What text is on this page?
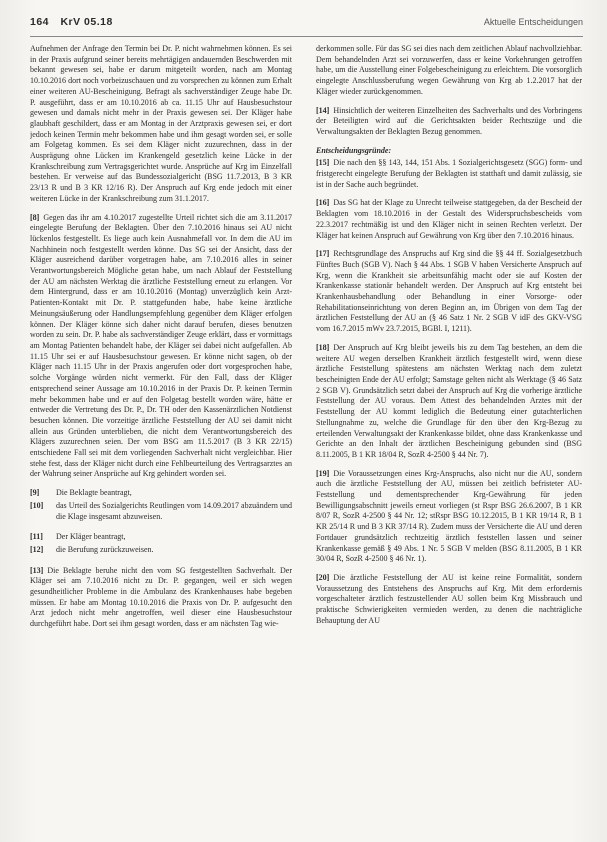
164 KrV 05.18	Aktuelle Entscheidungen

Aufnehmen der Anfrage den Termin bei Dr. P. nicht wahrnehmen können. Es sei in der Praxis aufgrund seiner bereits mehrtägigen andauernden Beschwerden mit bekannt gewesen sei, habe er darum mitgeteilt worden, nach am Montag 10.10.2016 dort noch vorbeizuschauen und zu vorsprechen zu können zum Erhalt einer weiteren AU-Bescheinigung. Befragt als sachverständiger Zeuge habe Dr. P. ausgeführt, dass er am 10.10.2016 ab ca. 11.15 Uhr auf Hausbesuchstour gewesen und damals nicht mehr in der Praxis gewesen sei. Der Kläger habe glaubhaft geschildert, dass er am Montag in der Arztpraxis gewesen sei, er dort jedoch keinen Termin mehr bekommen habe und ihm gesagt worden sei, er solle am Folgetag kommen. Es sei dem Kläger nicht zuzurechnen, dass in der Ausprägung ohne Lücken im Krankengeld gesetzlich keine Lücke in der Krankschreibung zum Vertragsgerichtet wurde. Ansprüche auf Krg im Einzelfall bestehen. Er verweise auf das Bundessozialgericht (BSG 11.7.2013, B 3 KR 23/13 R und B 3 KR 12/16 R). Der Anspruch auf Krg ende jedoch mit einer weiteren Lücke in der Krankschreibung zum 31.1.2017.

[8] Gegen das ihr am 4.10.2017 zugestellte Urteil richtet sich die am 3.11.2017 eingelegte Berufung der Beklagten. Über den 7.10.2016 hinaus sei AU nicht lückenlos festgestellt. Es liege auch kein Ausnahmefall vor. In dem die AU im Nachhinein noch festgestellt werden könne. Das SG sei der Ansicht, dass der Kläger ausreichend darüber vorgetragen habe, am 7.10.2016 alles in seiner Verantwortungsbereich Mögliche getan habe, um nach Ablauf der Feststellung der AU am nächsten Werktag die ärztliche Feststellung erneut zu erlangen. Vor dem Hintergrund, dass er am 10.10.2016 (Montag) unverzüglich kein Arzt-Patienten-Kontakt mit Dr. P. stattgefunden habe, habe keine ärztliche Meinungsäußerung oder Handlungsempfehlung gegenüber dem Kläger erfolgen können. Der Kläger könne sich daher nicht darauf berufen, dieses benutzen worden zu sein. Dr. P. habe als sachverständiger Zeuge erklärt, dass er vormittags am Montag Patienten behandelt habe, der Kläger sei dabei nicht aufgefallen. Ab 11.15 Uhr sei er auf Hausbesuchstour gewesen. Er könne nicht sagen, ob der Kläger nach 11.15 Uhr in der Praxis angerufen oder dort vorgesprochen habe, solche Vorgänge würden nicht vermerkt. Für den Fall, dass der Kläger entsprechend seiner Aussage am 10.10.2016 in der Praxis Dr. P. keinen Termin mehr bekommen habe und er auf den Folgetag bestellt worden wäre, hätte er entweder die Vertretung des Dr. P., Dr. TH oder den Kassenärztlichen Notdienst besuchen können. Die vorzeitige ärztliche Feststellung der AU sei damit nicht allein aus Gründen unterblieben, die nicht dem Verantwortungsbereich des Klägers zuzurechnen seien. Der vom BSG am 11.5.2017 (B 3 KR 22/15) entschiedene Fall sei mit dem vorliegenden Sachverhalt nicht vergleichbar. Hier stehe fest, dass der Kläger nicht durch eine Fehlbeurteilung des Vertragsarztes an der Wahrung seiner Ansprüche auf Krg gehindert worden sei.

[9]	Die Beklagte beantragt,
[10]	das Urteil des Sozialgerichts Reutlingen vom 14.09.2017 abzuändern und die Klage insgesamt abzuweisen.
[11]	Der Kläger beantragt,
[12]	die Berufung zurückzuweisen.

[13] Die Beklagte beruhe nicht den vom SG festgestellten Sachverhalt. Der Kläger sei am 7.10.2016 nicht zu Dr. P. gegangen, weil er sich wegen gesundheitlicher Probleme in die Ambulanz des Krankenhauses habe begeben müssen. Er habe am Montag 10.10.2016 die Praxis von Dr. P. aufgesucht den Arzt jedoch nicht mehr angetroffen, weil dieser eine Hausbesuchstour durchgeführt habe. Dort sei ihm gesagt worden, dass er am nächsten Tag wie-

derkommen solle. Für das SG sei dies nach dem zeitlichen Ablauf nachvollziehbar. Dem behandelnden Arzt sei vorzuwerfen, dass er keine Vorkehrungen getroffen habe, um die Ausstellung einer Folgebescheinigung zu erleichtern. Die vorsorglich eingelegte Anschlussberufung wegen Gewährung von Krg ab 1.2.2017 hat der Kläger wieder zurückgenommen.

[14] Hinsichtlich der weiteren Einzelheiten des Sachverhalts und des Vorbringens der Beteiligten wird auf die Gerichtsakten beider Rechtszüge und die Verwaltungsakten der Beklagten Bezug genommen.

Entscheidungsgründe:

[15] Die nach den §§ 143, 144, 151 Abs. 1 Sozialgerichtsgesetz (SGG) form- und fristgerecht eingelegte Berufung der Beklagten ist statthaft und damit zulässig, sie ist in der Sache auch begründet.

[16] Das SG hat der Klage zu Unrecht teilweise stattgegeben, da der Bescheid der Beklagten vom 18.10.2016 in der Gestalt des Widerspruchsbescheids vom 22.3.2017 rechtmäßig ist und den Kläger nicht in seinen Rechten verletzt. Der Kläger hat keinen Anspruch auf Gewährung von Krg über den 7.10.2016 hinaus.

[17] Rechtsgrundlage des Anspruchs auf Krg sind die §§ 44 ff. Sozialgesetzbuch Fünftes Buch (SGB V). Nach § 44 Abs. 1 SGB V haben Versicherte Anspruch auf Krg, wenn die Krankheit sie arbeitsunfähig macht oder sie auf Kosten der Krankenkasse stationär behandelt werden. Der Anspruch auf Krg entsteht bei Krankenhausbehandlung oder Behandlung in einer Vorsorge- oder Rehabilitationseinrichtung von deren Beginn an, im Übrigen von dem Tag der ärztlichen Feststellung der AU an (§ 46 Satz 1 Nr. 2 SGB V idF des GKV-VSG vom 16.7.2015 mWv 23.7.2015, BGBl. I, 1211).

[18] Der Anspruch auf Krg bleibt jeweils bis zu dem Tag bestehen, an dem die weitere AU wegen derselben Krankheit ärztlich festgestellt wird, wenn diese ärztliche Feststellung spätestens am nächsten Werktag nach dem zuletzt bescheinigten Ende der AU erfolgt; Samstage gelten nicht als Werktage (§ 46 Satz 2 SGB V). Grundsätzlich setzt dabei der Anspruch auf Krg die vorherige ärztliche Feststellung der AU voraus. Dem Attest des behandelnden Arztes mit der Feststellung der AU kommt lediglich die Bedeutung einer gutachterlichen Stellungnahme zu, welche die Grundlage für den über den Krg-Bezug zu erteilenden Verwaltungsakt der Krankenkasse bildet, ohne dass Krankenkasse und Gerichte an den Inhalt der ärztlichen Bescheinigung gebunden sind (BSG 8.11.2005, B 1 KR 18/04 R, SozR 4-2500 § 44 Nr. 7).

[19] Die Voraussetzungen eines Krg-Anspruchs, also nicht nur die AU, sondern auch die ärztliche Feststellung der AU, müssen bei zeitlich befristeter AU-Feststellung und dementsprechender Krg-Gewährung für jeden Bewilligungsabschnitt jeweils erneut vorliegen (st Rspr BSG 26.6.2007, B 1 KR 8/07 R, SozR 4-2500 § 44 Nr. 12; stRspr BSG 10.12.2015, B 1 KR 19/14 R, B 1 KR 25/14 R und B 3 KR 37/14 R). Zudem muss der Versicherte die AU und deren Fortdauer grundsätzlich rechtzeitig ärztlich feststellen lassen und seiner Krankenkasse gemäß § 49 Abs. 1 Nr. 5 SGB V melden (BSG 8.11.2005, B 1 KR 30/04 R, SozR 4-2500 § 46 Nr. 1).

[20] Die ärztliche Feststellung der AU ist keine reine Formalität, sondern Voraussetzung des Entstehens des Anspruchs auf Krg. Mit dem erfordernis vorgeschalteter ärztlich festzustellender AU sollen beim Krg Missbrauch und praktische Schwierigkeiten vermieden werden, zu denen die nachträgliche Behauptung der AU
